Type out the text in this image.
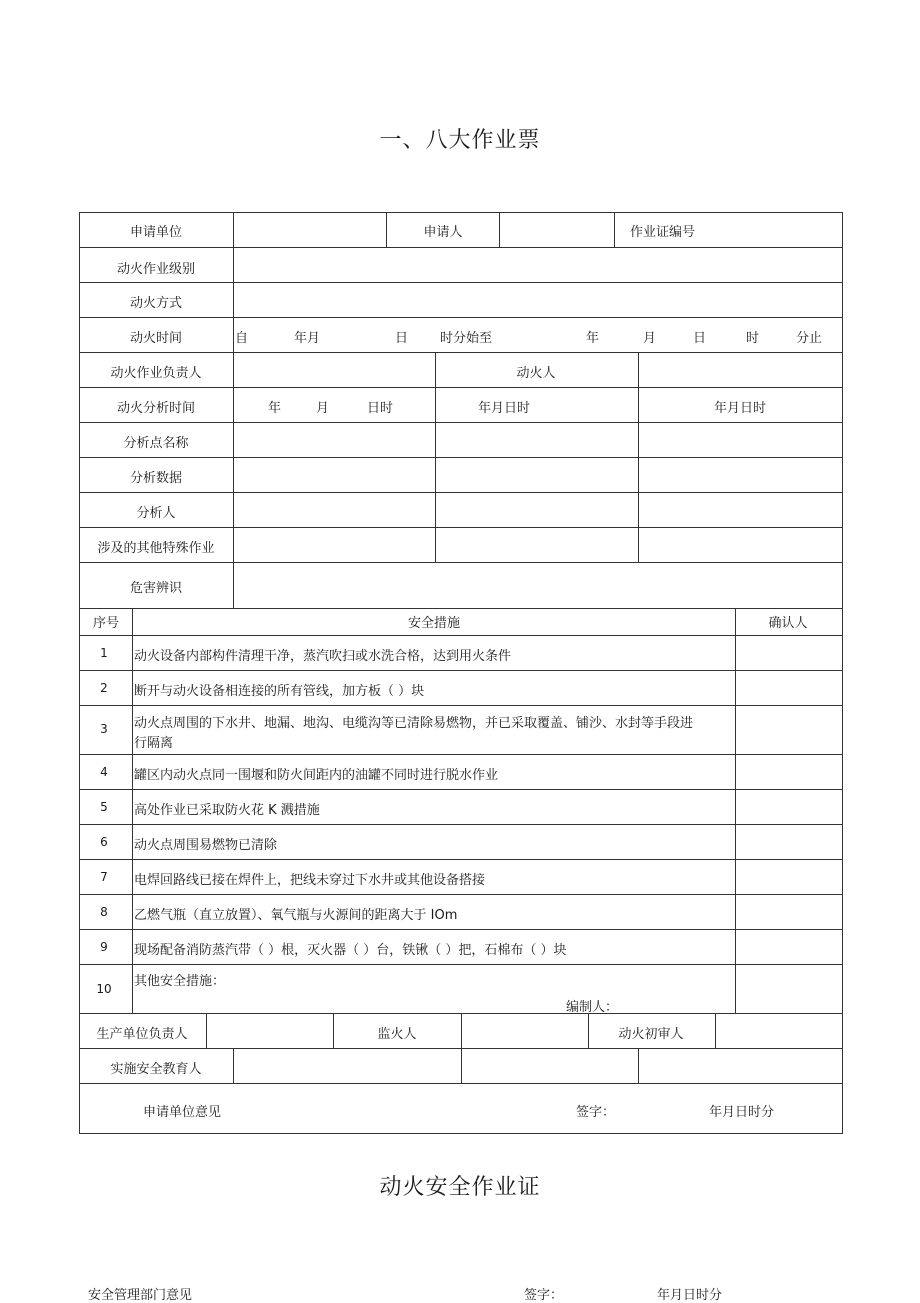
一、八大作业票
申请单位	申请人	作业证编号
动火作业级别
动火方式
动火时间	自	年月	日 时分始至	年	月	日	时	分止
动火作业负责人	动火人
动火分析时间	年	月	日时	年月日时	年月日时
分析点名称
分析数据
分析人
涉及的其他特殊作业
危害辨识
序号	安全措施	确认人
1 动火设备内部构件清理干净，蒸汽吹扫或水洗合格，达到用火条件
2 断开与动火设备相连接的所有管线，加方板（ ）块
3 动火点周围的下水井、地漏、地沟、电缆沟等已清除易燃物，并已采取覆盖、铺沙、水封等手段进
行隔离
4 罐区内动火点同一围堰和防火间距内的油罐不同时进行脱水作业
5 高处作业已采取防火花 K 溅措施
6 动火点周围易燃物已清除
7 电焊回路线已接在焊件上，把线未穿过下水井或其他设备搭接
8 乙燃气瓶（直立放置）、氧气瓶与火源间的距离大于 IOm
9 现场配备消防蒸汽带（ ）根，灭火器（ ）台，铁锹（ ）把，石棉布（ ）块
10 其他安全措施：
编制人：
生产单位负责人	监火人	动火初审人
实施安全教育人
申请单位意见	签字：	年月日时分
动火安全作业证
安全管理部门意见	签字：	年月日时分
